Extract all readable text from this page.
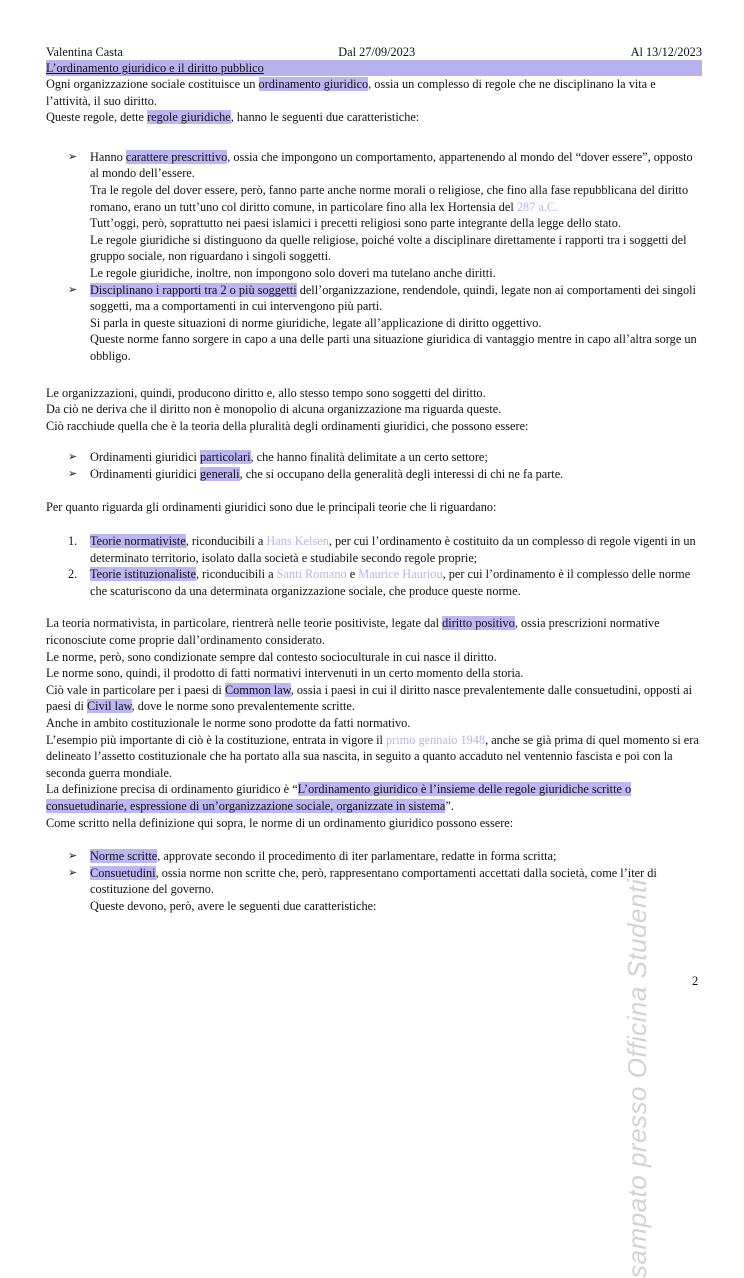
Valentina Casta	Dal 27/09/2023	Al 13/12/2023
L’ordinamento giuridico e il diritto pubblico

Ogni organizzazione sociale costituisce un ordinamento giuridico, ossia un complesso di regole che ne disciplinano la vita e l’attività, il suo diritto.

Queste regole, dette regole giuridiche, hanno le seguenti due caratteristiche:

➢ Hanno carattere prescrittivo, ossia che impongono un comportamento, appartenendo al mondo del “dover essere”, opposto al mondo dell’essere.

Tra le regole del dover essere, però, fanno parte anche norme morali o religiose, che fino alla fase repubblicana del diritto romano, erano un tutt’uno col diritto comune, in particolare fino alla lex Hortensia del 287 a.C.

Tutt’oggi, però, soprattutto nei paesi islamici i precetti religiosi sono parte integrante della legge dello stato.

Le regole giuridiche si distinguono da quelle religiose, poiché volte a disciplinare direttamente i rapporti tra i soggetti del gruppo sociale, non riguardano i singoli soggetti.

Le regole giuridiche, inoltre, non impongono solo doveri ma tutelano anche diritti.

➢ Disciplinano i rapporti tra 2 o più soggetti dell’organizzazione, rendendole, quindi, legate non ai comportamenti dei singoli soggetti, ma a comportamenti in cui intervengono più parti.

Si parla in queste situazioni di norme giuridiche, legate all’applicazione di diritto oggettivo.

Queste norme fanno sorgere in capo a una delle parti una situazione giuridica di vantaggio mentre in capo all’altra sorge un obbligo.

Le organizzazioni, quindi, producono diritto e, allo stesso tempo sono soggetti del diritto.

Da ciò ne deriva che il diritto non è monopolio di alcuna organizzazione ma riguarda queste.

Ciò racchiude quella che è la teoria della pluralità degli ordinamenti giuridici, che possono essere:

➢ Ordinamenti giuridici particolari, che hanno finalità delimitate a un certo settore;

➢ Ordinamenti giuridici generali, che si occupano della generalità degli interessi di chi ne fa parte.

Per quanto riguarda gli ordinamenti giuridici sono due le principali teorie che li riguardano:

1. Teorie normativiste, riconducibili a Hans Kelsen, per cui l’ordinamento è costituito da un complesso di regole vigenti in un determinato territorio, isolato dalla società e studiabile secondo regole proprie;

2. Teorie istituzionaliste, riconducibili a Santi Romano e Maurice Hauriou, per cui l’ordinamento è il complesso delle norme che scaturiscono da una determinata organizzazione sociale, che produce queste norme.

La teoria normativista, in particolare, rientrerà nelle teorie positiviste, legate dal diritto positivo, ossia prescrizioni normative riconosciute come proprie dall’ordinamento considerato.

Le norme, però, sono condizionate sempre dal contesto socioculturale in cui nasce il diritto.

Le norme sono, quindi, il prodotto di fatti normativi intervenuti in un certo momento della storia.

Ciò vale in particolare per i paesi di Common law, ossia i paesi in cui il diritto nasce prevalentemente dalle consuetudini, opposti ai paesi di Civil law, dove le norme sono prevalentemente scritte.

Anche in ambito costituzionale le norme sono prodotte da fatti normativo.

L’esempio più importante di ciò è la costituzione, entrata in vigore il primo gennaio 1948, anche se già prima di quel momento si era delineato l’assetto costituzionale che ha portato alla sua nascita, in seguito a quanto accaduto nel ventennio fascista e poi con la seconda guerra mondiale.

La definizione precisa di ordinamento giuridico è “L’ordinamento giuridico è l’insieme delle regole giuridiche scritte o consuetudinarie, espressione di un’organizzazione sociale, organizzate in sistema”.

Come scritto nella definizione qui sopra, le norme di un ordinamento giuridico possono essere:

➢ Norme scritte, approvate secondo il procedimento di iter parlamentare, redatte in forma scritta;

➢ Consuetudini, ossia norme non scritte che, però, rappresentano comportamenti accettati dalla società, come l’iter di costituzione del governo.

Queste devono, però, avere le seguenti due caratteristiche:	sampato presso Officina Studenti	2
